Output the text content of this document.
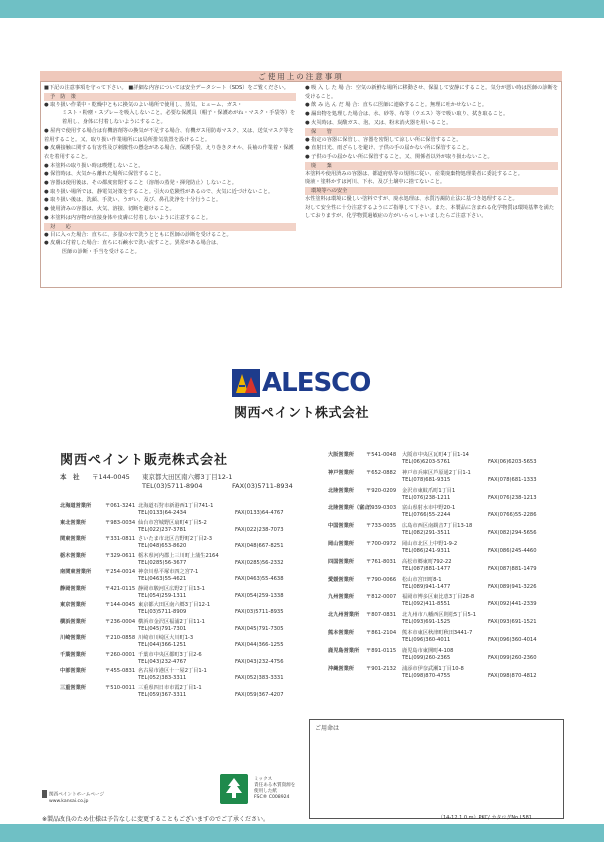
ご使用上の注意事項

■下記の注意事項を守って下さい。 ■詳細な内容については安全データシート（SDS）をご覧ください。

予　防　策

● 取り扱い作業中・乾燥中ともに換気のよい場所で使用し、蒸気、ヒューム、ガス・

ミスト・粉塵・スプレーを吸入しないこと。必要な保護具（帽子・保護めがね・マスク・手袋等）を着用し、身体に付着しないようにすること。

● 屋内で使用する場合は有機溶剤等の換気が不足する場合、有機ガス用防毒マスク、又は、送気マスク等を着用すること。又、取り扱い作業場所には局所排気装置を設けること。

● 皮膚接触に関する有害性及び刺激性の懸念がある場合、保護手袋、えり巻きタオル、長袖の作業着・保護衣を着用すること。

● 本塗料の取り扱い時は喫煙しないこと。

● 保管時は、火気から離れた場所に保管すること。

● 容器は使用後は、その都度密閉すること（溶剤の蒸発・揮発防止）しないこと。

● 取り扱い場所では、静電気対策をすること。引火の危険性があるので、火気に近づけないこと。

● 取り扱い後は、洗顔、手洗い、うがい、及び、鼻孔洗浄を十分行うこと。

● 使用済みの容器は、火気、溶接、切断を避けること。

● 本塗料は内容物が直接身体や皮膚に付着しないように注意すること。

対　　応

● 目に入った場合：直ちに、多量の水で洗うとともに医師の診断を受けること。

● 皮膚に付着した場合：直ちに石鹸水で洗い流すこと。異常がある場合は、

医師の診断・手当を受けること。

● 吸 入 し た 場 合：空気の新鮮な場所に移動させ、保温して安静にすること。気分が悪い時は医師の診断を受けること。

● 飲 み 込 ん だ 場 合：直ちに医師に連絡すること。無理に吐かせないこと。

● 漏出物を処理した場合は、水、砂等、布等（ウエス）等で吸い取り、拭き取ること。

● 火災時は、炭酸ガス、泡、又は、粉末消火器を用いること。

保　　管

● 指定の容器に保管し、容器を密閉して涼しい所に保管すること。

● 直射日光、雨ざらしを避け、子供の手の届かない所に保管すること。

● 子供の手の届かない所に保管すること。又、関係者以外が取り扱わないこと。

廃　　棄

本塗料や使用済みの容器は、都道府県等の規則に従い、産業廃棄物処理業者に委託すること。

廃液・塗料かすは河川、下水、及び土壌中に捨てないこと。

環境等への安全

水性塗料は環境に優しい塗料ですが、廃水処理は、水質汚濁防止法に基づき処理すること。

対して安全性に十分注意するようにご指導して下さい。また、本製品に含まれる化学物質は環境基準を満たしておりますが、化学物質過敏症の方がいらっしゃいましたらご注意下さい。

ALESCO
関西ペイント株式会社
関西ペイント販売株式会社
本　社 〒144-0045 東京都大田区南六郷3丁目12-1
TEL(03)5711-8904	FAX(03)5711-8934
北海道営業所	〒061-3241 北海道石狩市新港西1丁目741-1
TEL(0133)64-2434	FAX(0133)64-4767
東北営業所	〒983-0034 仙台市宮城野区扇町4丁目5-2
TEL(022)237-3781	FAX(022)238-7073
関東営業所	〒331-0811 さいたま市北区吉野町2丁目2-3
TEL(048)653-8620	FAX(048)667-8251
栃木営業所	〒329-0611 栃木県河内郡上三川町上蒲生2164
TEL(0285)56-3677	FAX(0285)56-2332
南関東営業所	〒254-0014 神奈川県平塚市四之宮7-1
TEL(0463)55-4621	FAX(0463)55-4638
静岡営業所	〒421-0115 静岡市駿河区広野2丁目13-1
TEL(054)259-1311	FAX(054)259-1338
東京営業所	〒144-0045 東京都大田区南六郷3丁目12-1
TEL(03)5711-8909	FAX(03)5711-8935
横浜営業所	〒236-0004 横浜市金沢区福浦2丁目11-1
TEL(045)791-7301	FAX(045)791-7305
川崎営業所	〒210-0858 川崎市川崎区大川町1-3
TEL(044)366-1251	FAX(044)366-1255
千葉営業所	〒260-0001 千葉市中央区都町3丁目2-6
TEL(043)232-4767	FAX(043)232-4756
中部営業所	〒455-0831 名古屋市港区十一屋2丁目1-1
TEL(052)383-3311	FAX(052)383-3331
三重営業所	〒510-0011 三重県四日市市霞2丁目1-1
TEL(059)367-3311	FAX(059)367-4207
大阪営業所 〒541-0048 大阪市中央区瓦町4丁目1-14
TEL(06)6203-5761	FAX(06)6203-5653
神戸営業所 〒652-0882 神戸市兵庫区芦原通2丁目1-1
TEL(078)681-9315	FAX(078)681-1333
北陸営業所 〒920-0209 金沢市東蚊爪町1丁目1
TEL(076)238-1211	FAX(076)238-1213
北陸営業所（富山）
〒939-0303 富山県射水市中野20-1
TEL(0766)55-2244	FAX(0766)55-2286
中国営業所 〒733-0035 広島市西区南観音7丁目13-18
TEL(082)291-3511	FAX(082)294-5656
岡山営業所 〒700-0972 岡山市北区上中野1-9-2
TEL(086)241-9311	FAX(086)245-4460
四国営業所 〒761-8031 高松市郷東町792-22
TEL(087)881-1477	FAX(087)881-1479
愛媛営業所 〒790-0066 松山市宮田町8-1
TEL(089)941-1477	FAX(089)941-3226
九州営業所 〒812-0007 福岡市博多区東比恵3丁目28-8
TEL(092)411-8551	FAX(092)441-2339
北九州営業所 〒807-0831 北九州市八幡西区則松5丁目5-1
TEL(093)691-1525	FAX(093)691-1521
熊本営業所 〒861-2104 熊本市東区秋津町秋田3441-7
TEL(096)360-4011	FAX(096)360-4014
鹿児島営業所 〒891-0115 鹿児島市東開町4-108
TEL(099)260-2365	FAX(099)260-2360
沖縄営業所 〒901-2132 浦添市伊奈武瀬1丁目10-8
TEL(098)870-4755	FAX(098)870-4812
ご用命は
関西ペイントホームページ
www.kansai.co.jp
ミックス
責任ある木質資源を
使用した紙
FSC® C008924
※製品改良のため仕様は予告なしに変更することもございますのでご了承ください。	（14-12.1.0.m）PKC/ カタログNo.L581
